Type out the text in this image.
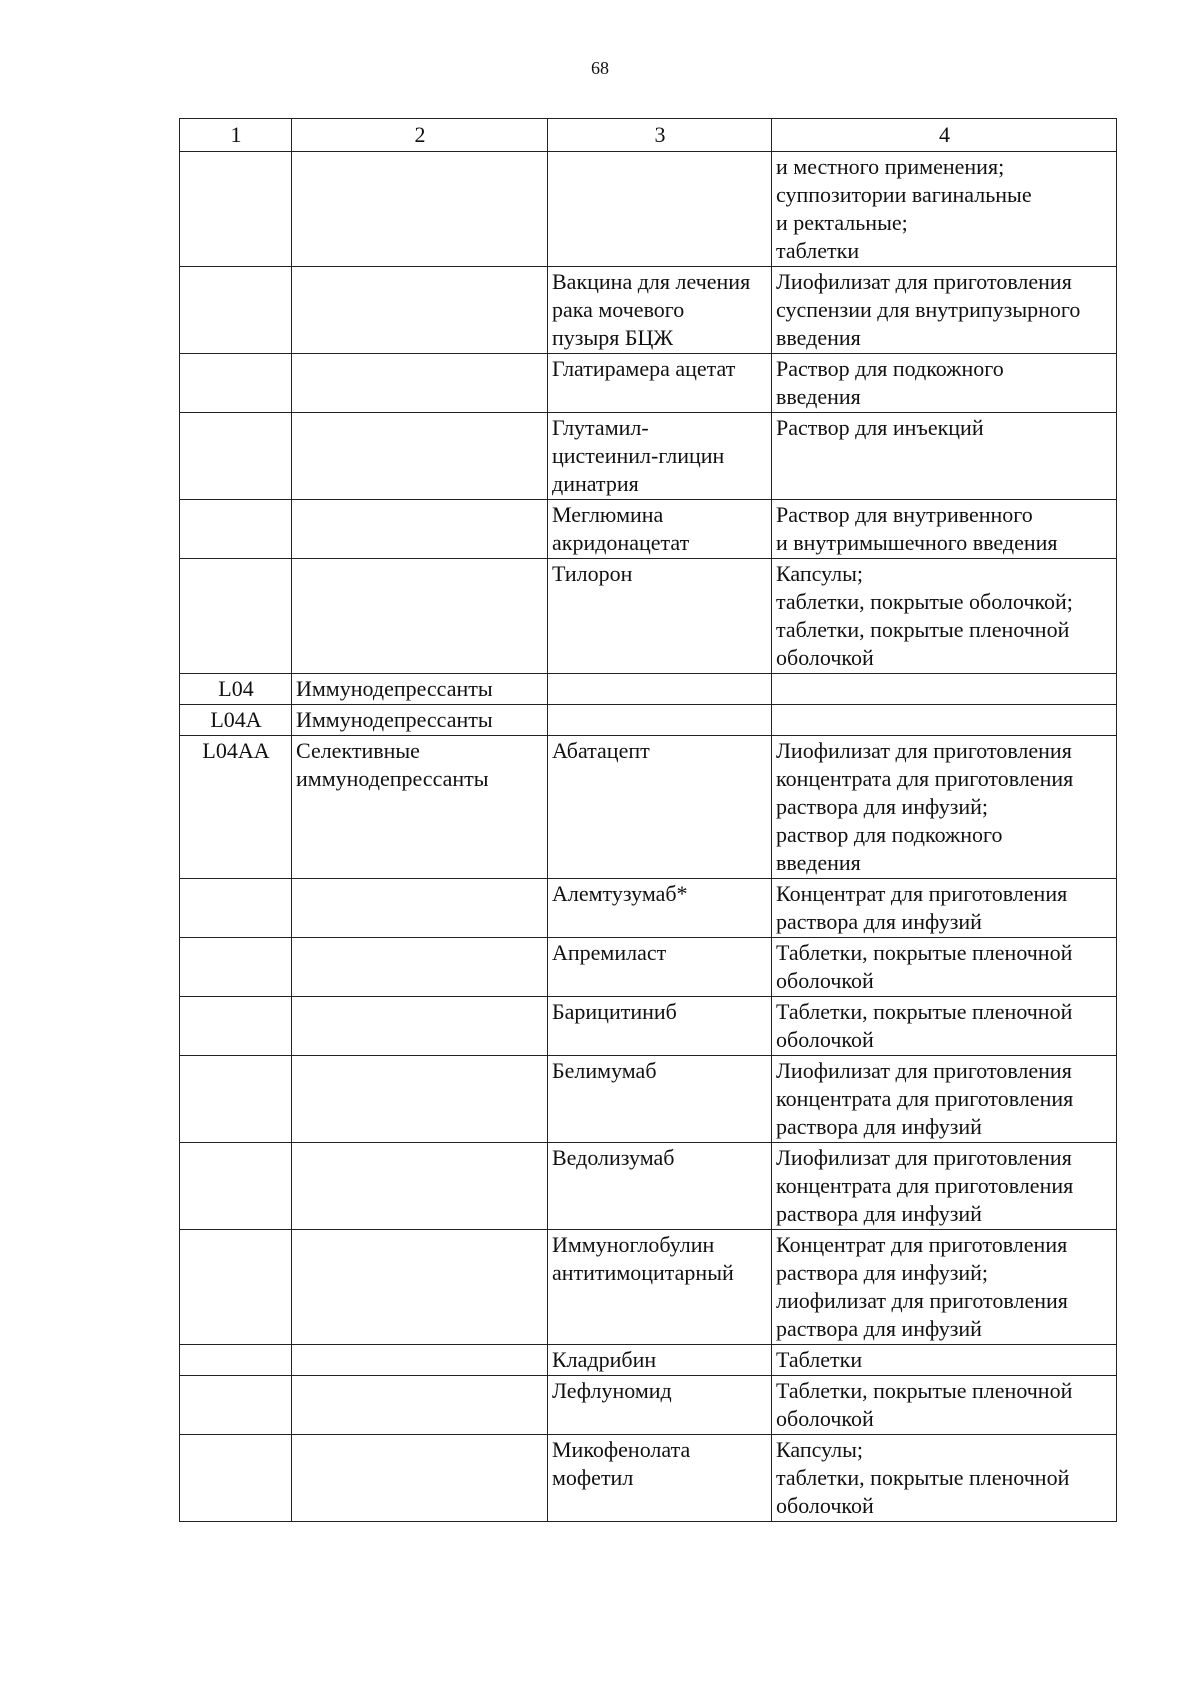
68
1	2	3	4

			и местного применения;
суппозитории вагинальные
и ректальные;
таблетки

		Вакцина для лечения
рака мочевого
пузыря БЦЖ	Лиофилизат для приготовления
суспензии для внутрипузырного
введения

		Глатирамера ацетат	Раствор для подкожного
введения

		Глутамил-
цистеинил-глицин
динатрия	Раствор для инъекций

		Меглюмина
акридонацетат	Раствор для внутривенного
и внутримышечного введения

		Тилорон	Капсулы;
таблетки, покрытые оболочкой;
таблетки, покрытые пленочной
оболочкой

L04	Иммунодепрессанты		

L04A	Иммунодепрессанты		

L04AA	Селективные
иммунодепрессанты	Абатацепт	Лиофилизат для приготовления
концентрата для приготовления
раствора для инфузий;
раствор для подкожного
введения

		Алемтузумаб*	Концентрат для приготовления
раствора для инфузий

		Апремиласт	Таблетки, покрытые пленочной
оболочкой

		Барицитиниб	Таблетки, покрытые пленочной
оболочкой

		Белимумаб	Лиофилизат для приготовления
концентрата для приготовления
раствора для инфузий

		Ведолизумаб	Лиофилизат для приготовления
концентрата для приготовления
раствора для инфузий

		Иммуноглобулин
антитимоцитарный	Концентрат для приготовления
раствора для инфузий;
лиофилизат для приготовления
раствора для инфузий

		Кладрибин	Таблетки

		Лефлуномид	Таблетки, покрытые пленочной
оболочкой

		Микофенолата
мофетил	Капсулы;
таблетки, покрытые пленочной
оболочкой
